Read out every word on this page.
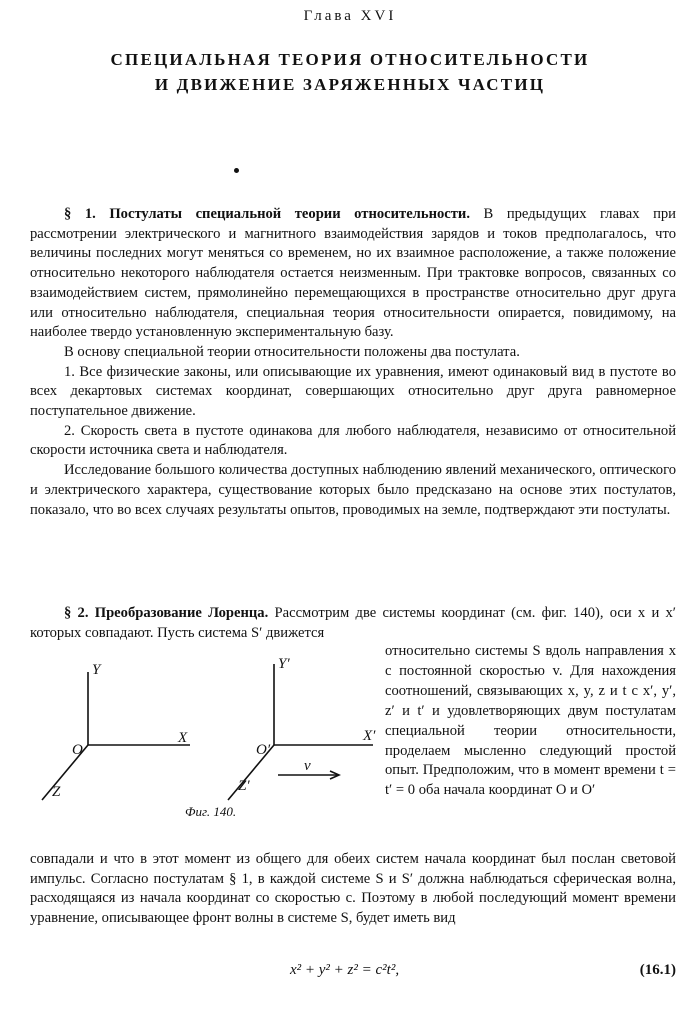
Глава XVI
СПЕЦИАЛЬНАЯ ТЕОРИЯ ОТНОСИТЕЛЬНОСТИ
И ДВИЖЕНИЕ ЗАРЯЖЕННЫХ ЧАСТИЦ

§ 1. Постулаты специальной теории относительности. В предыдущих главах при рассмотрении электрического и магнитного взаимодействия зарядов и токов предполагалось, что величины последних могут меняться со временем, но их взаимное расположение, а также положение относительно некоторого наблюдателя остается неизменным. При трактовке вопросов, связанных со взаимодействием систем, прямолинейно перемещающихся в пространстве относительно друг друга или относительно наблюдателя, специальная теория относительности опирается, повидимому, на наиболее твердо установленную экспериментальную базу.

В основу специальной теории относительности положены два постулата.

1. Все физические законы, или описывающие их уравнения, имеют одинаковый вид в пустоте во всех декартовых системах координат, совершающих относительно друг друга равномерное поступательное движение.

2. Скорость света в пустоте одинакова для любого наблюдателя, независимо от относительной скорости источника света и наблюдателя.

Исследование большого количества доступных наблюдению явлений механического, оптического и электрического характера, существование которых было предсказано на основе этих постулатов, показало, что во всех случаях результаты опытов, проводимых на земле, подтверждают эти постулаты.

§ 2. Преобразование Лоренца. Рассмотрим две системы координат (см. фиг. 140), оси x и x′ которых совпадают. Пусть система S′ движется

относительно системы S вдоль направления x с постоянной скоростью v. Для нахождения соотношений, связывающих x, y, z и t с x′, y′, z′ и t′ и удовлетворяющих двум постулатам специальной теории относительности, проделаем мысленно следующий простой опыт. Предположим, что в момент времени t = t′ = 0 оба начала координат O и O′
Y
X
Z
O
Y′
X′
Z′
O′
v
Фиг. 140.

совпадали и что в этот момент из общего для обеих систем начала координат был послан световой импульс. Согласно постулатам § 1, в каждой системе S и S′ должна наблюдаться сферическая волна, расходящаяся из начала координат со скоростью c. Поэтому в любой последующий момент времени уравнение, описывающее фронт волны в системе S, будет иметь вид

x² + y² + z² = c²t²,	(16.1)
